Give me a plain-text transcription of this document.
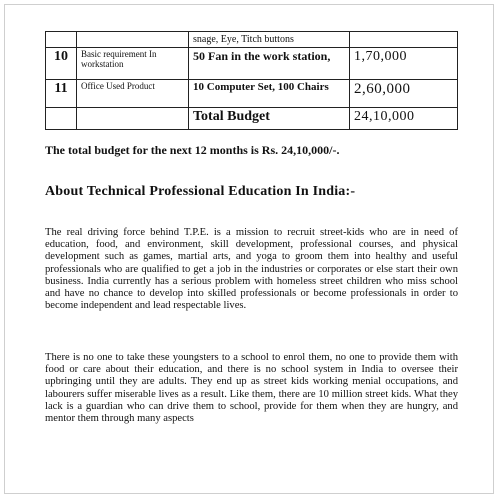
		snage, Eye, Titch buttons	
10	Basic requirement In workstation	50 Fan in the work station,	1,70,000
11	Office Used Product	10 Computer Set, 100 Chairs	2,60,000
		Total Budget	24,10,000

The total budget for the next 12 months is Rs. 24,10,000/-.

About Technical Professional Education In India:-

The real driving force behind T.P.E. is a mission to recruit street-kids who are in need of education, food, and environment, skill development, professional courses, and physical development such as games, martial arts, and yoga to groom them into healthy and useful professionals who are qualified to get a job in the industries or corporates or else start their own business. India currently has a serious problem with homeless street children who miss school and have no chance to develop into skilled professionals or become professionals in order to become independent and lead respectable lives.

There is no one to take these youngsters to a school to enrol them, no one to provide them with food or care about their education, and there is no school system in India to oversee their upbringing until they are adults. They end up as street kids working menial occupations, and labourers suffer miserable lives as a result. Like them, there are 10 million street kids. What they lack is a guardian who can drive them to school, provide for them when they are hungry, and mentor them through many aspects
